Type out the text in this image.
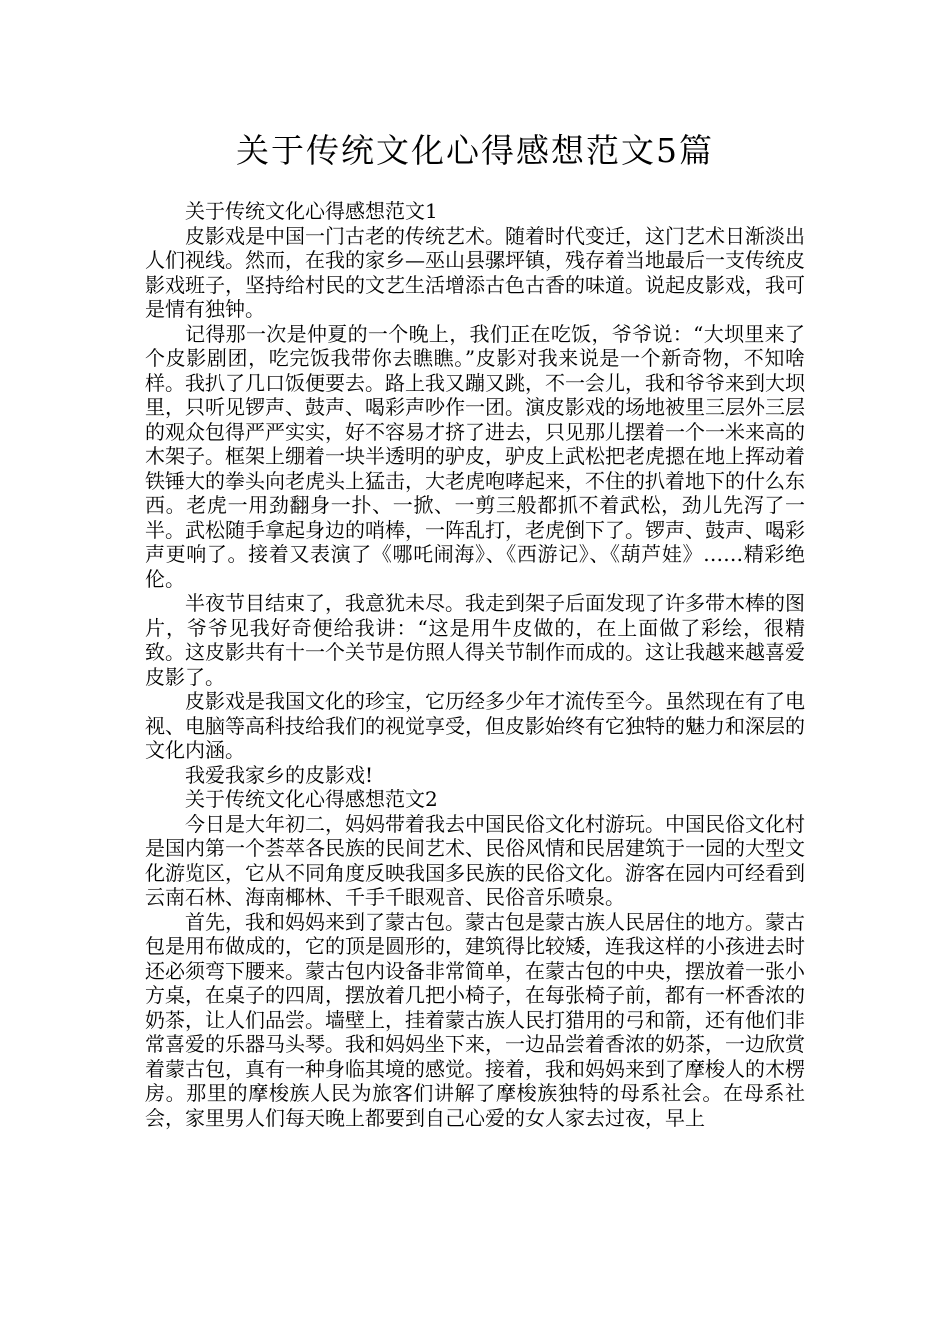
关于传统文化心得感想范文5篇

关于传统文化心得感想范文1

皮影戏是中国一门古老的传统艺术。随着时代变迁，这门艺术日渐淡出人们视线。然而，在我的家乡—巫山县骡坪镇，残存着当地最后一支传统皮影戏班子，坚持给村民的文艺生活增添古色古香的味道。说起皮影戏，我可是情有独钟。

记得那一次是仲夏的一个晚上，我们正在吃饭，爷爷说：“大坝里来了个皮影剧团，吃完饭我带你去瞧瞧。”皮影对我来说是一个新奇物，不知啥样。我扒了几口饭便要去。路上我又蹦又跳，不一会儿，我和爷爷来到大坝里，只听见锣声、鼓声、喝彩声吵作一团。演皮影戏的场地被里三层外三层的观众包得严严实实，好不容易才挤了进去，只见那儿摆着一个一米来高的木架子。框架上绷着一块半透明的驴皮，驴皮上武松把老虎摁在地上挥动着铁锤大的拳头向老虎头上猛击，大老虎咆哮起来，不住的扒着地下的什么东西。老虎一用劲翻身一扑、一掀、一剪三般都抓不着武松，劲儿先泻了一半。武松随手拿起身边的哨棒，一阵乱打，老虎倒下了。锣声、鼓声、喝彩声更响了。接着又表演了《哪吒闹海》、《西游记》、《葫芦娃》……精彩绝伦。

半夜节目结束了，我意犹未尽。我走到架子后面发现了许多带木棒的图片，爷爷见我好奇便给我讲：“这是用牛皮做的，在上面做了彩绘，很精致。这皮影共有十一个关节是仿照人得关节制作而成的。这让我越来越喜爱皮影了。

皮影戏是我国文化的珍宝，它历经多少年才流传至今。虽然现在有了电视、电脑等高科技给我们的视觉享受，但皮影始终有它独特的魅力和深层的文化内涵。

我爱我家乡的皮影戏!

关于传统文化心得感想范文2

今日是大年初二，妈妈带着我去中国民俗文化村游玩。中国民俗文化村是国内第一个荟萃各民族的民间艺术、民俗风情和民居建筑于一园的大型文化游览区，它从不同角度反映我国多民族的民俗文化。游客在园内可经看到云南石林、海南椰林、千手千眼观音、民俗音乐喷泉。

首先，我和妈妈来到了蒙古包。蒙古包是蒙古族人民居住的地方。蒙古包是用布做成的，它的顶是圆形的，建筑得比较矮，连我这样的小孩进去时还必须弯下腰来。蒙古包内设备非常简单，在蒙古包的中央，摆放着一张小方桌，在桌子的四周，摆放着几把小椅子，在每张椅子前，都有一杯香浓的奶茶，让人们品尝。墙壁上，挂着蒙古族人民打猎用的弓和箭，还有他们非常喜爱的乐器马头琴。我和妈妈坐下来，一边品尝着香浓的奶茶，一边欣赏着蒙古包，真有一种身临其境的感觉。接着，我和妈妈来到了摩梭人的木楞房。那里的摩梭族人民为旅客们讲解了摩梭族独特的母系社会。在母系社会，家里男人们每天晚上都要到自己心爱的女人家去过夜，早上
